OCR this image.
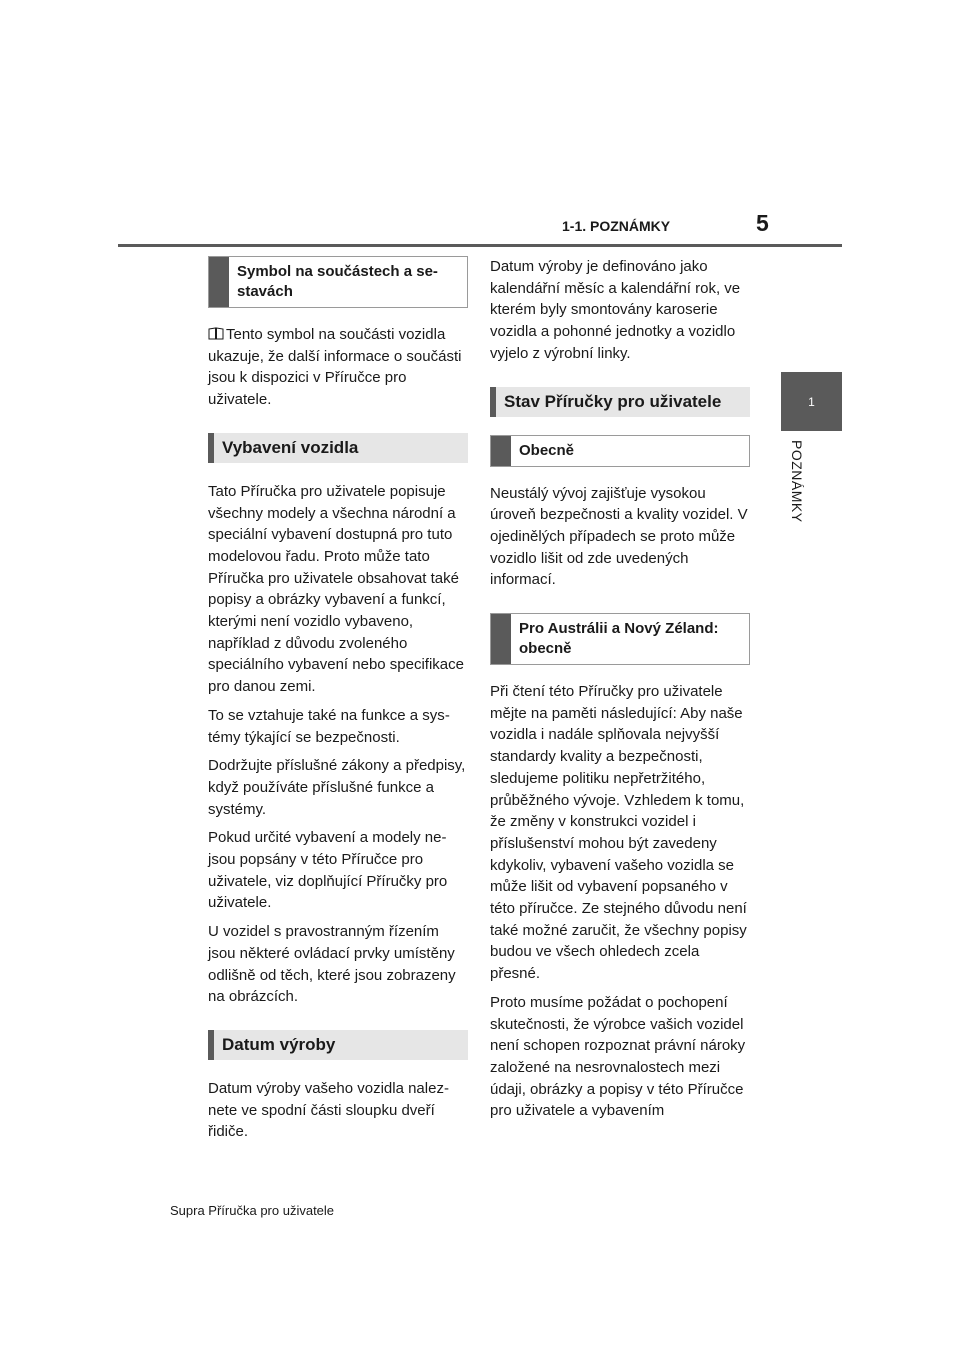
1-1. POZNÁMKY	5
1
POZNÁMKY
Symbol na součástech a sestavách

Tento symbol na součásti vozidla ukazuje, že další informace o součásti jsou k dispozici v Příručce pro uživatele.

Vybavení vozidla

Tato Příručka pro uživatele popisuje všechny modely a všechna národní a speciální vybavení dostupná pro tuto modelovou řadu. Proto může tato Příručka pro uživatele obsahovat také popisy a obrázky vybavení a funkcí, kterými není vozidlo vybaveno, například z důvodu zvoleného speciálního vybavení nebo specifikace pro danou zemi.

To se vztahuje také na funkce a systémy týkající se bezpečnosti.

Dodržujte příslušné zákony a předpisy, když používáte příslušné funkce a systémy.

Pokud určité vybavení a modely nejsou popsány v této Příručce pro uživatele, viz doplňující Příručky pro uživatele.

U vozidel s pravostranným řízením jsou některé ovládací prvky umístěny odlišně od těch, které jsou zobrazeny na obrázcích.

Datum výroby

Datum výroby vašeho vozidla naleznete ve spodní části sloupku dveří řidiče.

Datum výroby je definováno jako kalendářní měsíc a kalendářní rok, ve kterém byly smontovány karoserie vozidla a pohonné jednotky a vozidlo vyjelo z výrobní linky.

Stav Příručky pro uživatele
Obecně

Neustálý vývoj zajišťuje vysokou úroveň bezpečnosti a kvality vozidel. V ojedinělých případech se proto může vozidlo lišit od zde uvedených informací.

Pro Austrálii a Nový Zéland: obecně

Při čtení této Příručky pro uživatele mějte na paměti následující: Aby naše vozidla i nadále splňovala nejvyšší standardy kvality a bezpečnosti, sledujeme politiku nepřetržitého, průběžného vývoje. Vzhledem k tomu, že změny v konstrukci vozidel i příslušenství mohou být zavedeny kdykoliv, vybavení vašeho vozidla se může lišit od vybavení popsaného v této příručce. Ze stejného důvodu není také možné zaručit, že všechny popisy budou ve všech ohledech zcela přesné.

Proto musíme požádat o pochopení skutečnosti, že výrobce vašich vozidel není schopen rozpoznat právní nároky založené na nesrovnalostech mezi údaji, obrázky a popisy v této Příručce pro uživatele a vybavením

Supra Příručka pro uživatele
